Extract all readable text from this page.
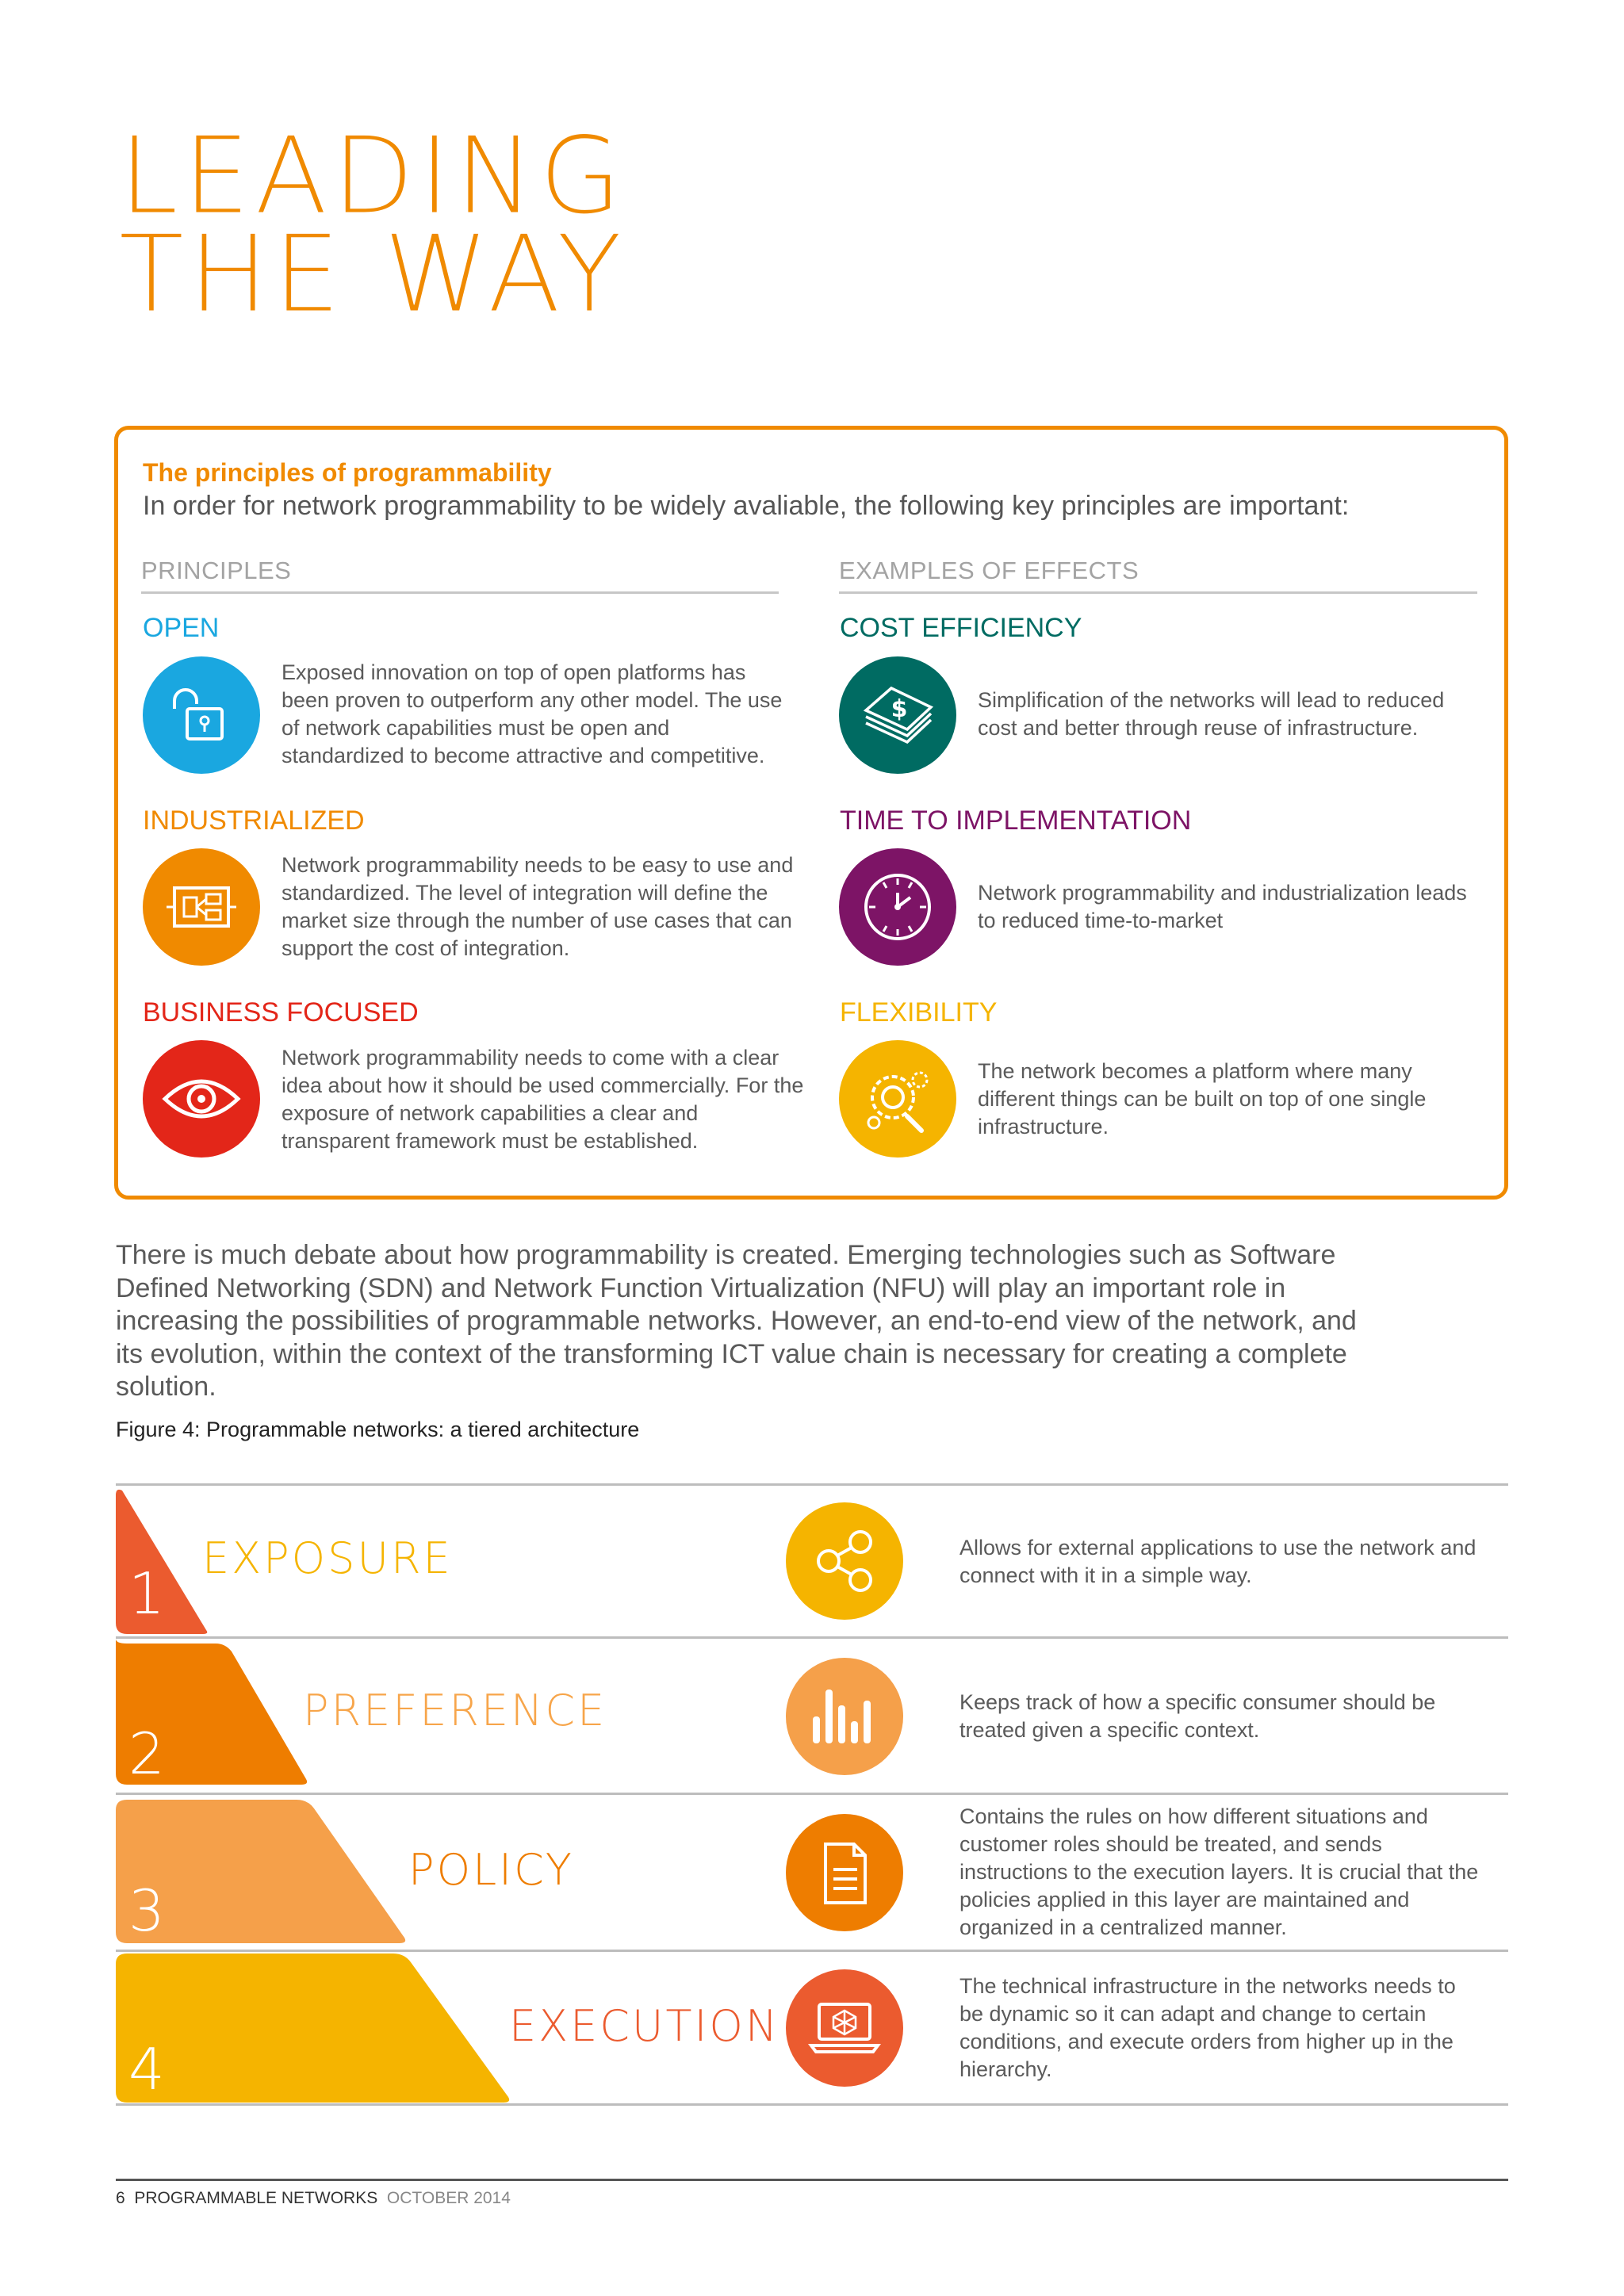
LEADING
THE WAY
The principles of programmability
In order for network programmability to be widely avaliable, the following key principles are important:
PRINCIPLES	EXAMPLES OF EFFECTS
OPEN
Exposed innovation on top of open platforms has been proven to outperform any other model. The use of network capabilities must be open and standardized to become attractive and competitive.
INDUSTRIALIZED
Network programmability needs to be easy to use and standardized. The level of integration will define the market size through the number of use cases that can support the cost of integration.
BUSINESS FOCUSED
Network programmability needs to come with a clear idea about how it should be used commercially. For the exposure of network capabilities a clear and transparent framework must be established.
COST EFFICIENCY
$	Simplification of the networks will lead to reduced cost and better through reuse of infrastructure.
TIME TO IMPLEMENTATION
Network programmability and industrialization leads to reduced time-to-market
FLEXIBILITY
The network becomes a platform where many different things can be built on top of one single infrastructure.
There is much debate about how programmability is created. Emerging technologies such as Software Defined Networking (SDN) and Network Function Virtualization (NFU) will play an important role in increasing the possibilities of programmable networks. However, an end-to-end view of the network, and its evolution, within the context of the transforming ICT value chain is necessary for creating a complete solution.
Figure 4: Programmable networks: a tiered architecture
1
2
3
4
EXPOSURE
PREFERENCE
POLICY
EXECUTION
Allows for external applications to use the network and connect with it in a simple way.
Keeps track of how a specific consumer should be treated given a specific context.
Contains the rules on how different situations and customer roles should be treated, and sends instructions to the execution layers. It is crucial that the policies applied in this layer are maintained and organized in a centralized manner.
The technical infrastructure in the networks needs to be dynamic so it can adapt and change to certain conditions, and execute orders from higher up in the hierarchy.
6 PROGRAMMABLE NETWORKS OCTOBER 2014
